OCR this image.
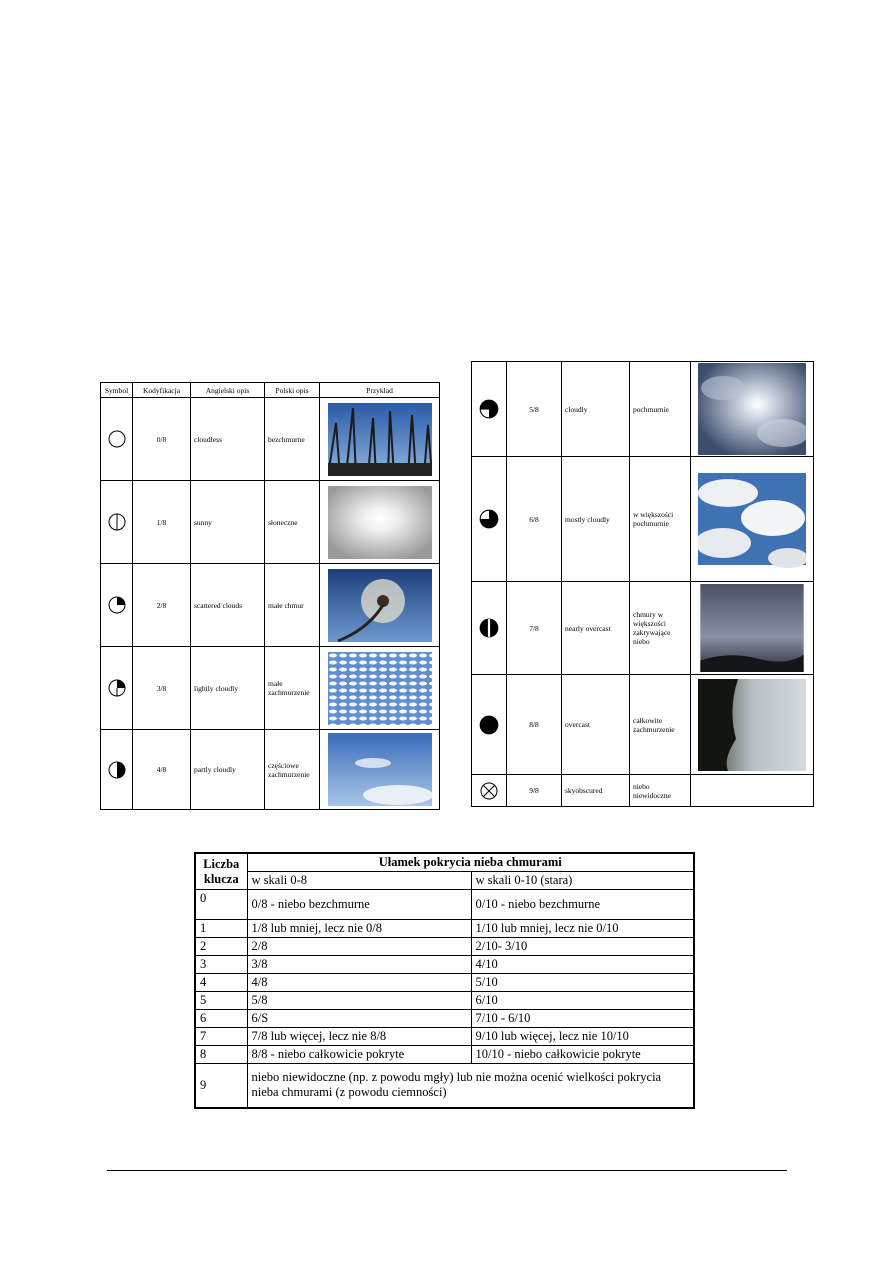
Symbol	Kodyfikacja	Angielski opis	Polski opis	Przykład

	0/8	cloudless	bezchmurne	

	1/8	sunny	słoneczne	

	2/8	scattered clouds	małe chmur	

	3/8	lightly cloudly	małe zachmurzenie	

	4/8	partly cloudly	częściowe zachmurzenie	
	5/8	cloudly	pochmurnie	

	6/8	mostly cloudly	w większości pochmurnie	

	7/8	nearly overcast	chmury w większości zakrywające niebo	

	8/8	overcast	całkowite zachmurzenie	

	9/8	skyobscured	niebo niewidoczne	
Liczba klucza	Ułamek pokrycia nieba chmurami	
	w skali 0-8	w skali 0-10 (stara)
0	0/8 - niebo bezchmurne	0/10 - niebo bezchmurne
1	1/8 lub mniej, lecz nie 0/8	1/10 lub mniej, lecz nie 0/10
2	2/8	2/10- 3/10
3	3/8	4/10
4	4/8	5/10
5	5/8	6/10
6	6/S	7/10 - 6/10
7	7/8 lub więcej, lecz nie 8/8	9/10 lub więcej, lecz nie 10/10
8	8/8 - niebo całkowicie pokryte	10/10 - niebo całkowicie pokryte
9	niebo niewidoczne (np. z powodu mgły) lub nie można ocenić wielkości pokrycia nieba chmurami (z powodu ciemności)	
